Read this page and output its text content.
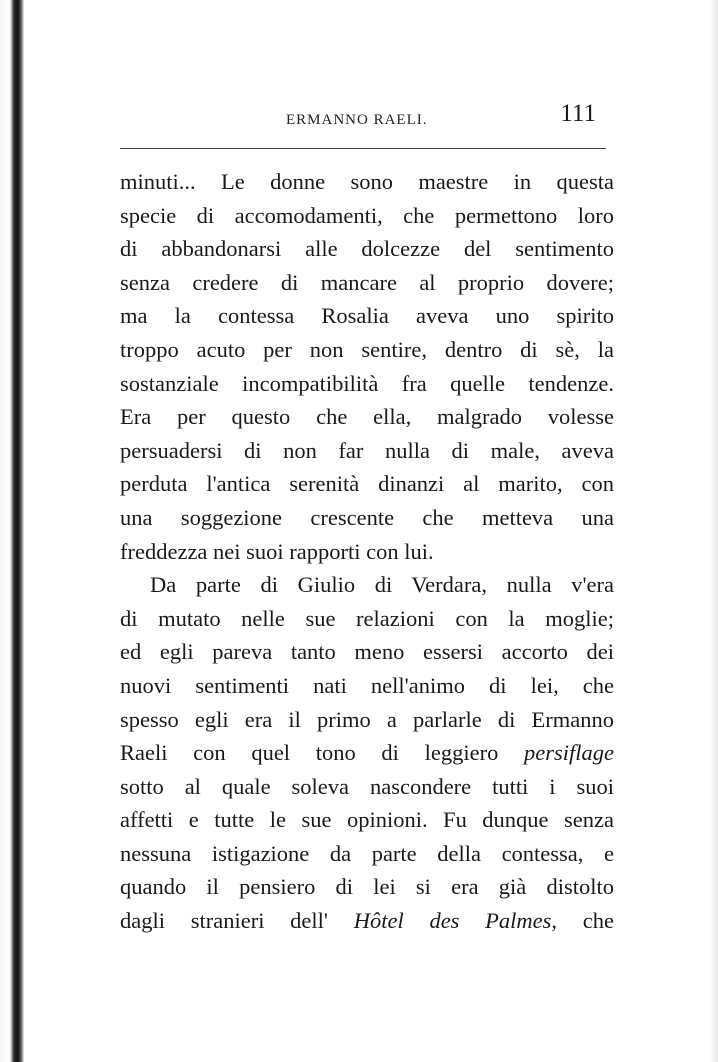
ERMANNO RAELI.	111
minuti... Le donne sono maestre in questa
specie di accomodamenti, che permettono loro
di abbandonarsi alle dolcezze del sentimento
senza credere di mancare al proprio dovere;
ma la contessa Rosalia aveva uno spirito
troppo acuto per non sentire, dentro di sè, la
sostanziale incompatibilità fra quelle tendenze.
Era per questo che ella, malgrado volesse
persuadersi di non far nulla di male, aveva
perduta l'antica serenità dinanzi al marito, con
una soggezione crescente che metteva una
freddezza nei suoi rapporti con lui.
Da parte di Giulio di Verdara, nulla v'era
di mutato nelle sue relazioni con la moglie;
ed egli pareva tanto meno essersi accorto dei
nuovi sentimenti nati nell'animo di lei, che
spesso egli era il primo a parlarle di Ermanno
Raeli con quel tono di leggiero persiflage
sotto al quale soleva nascondere tutti i suoi
affetti e tutte le sue opinioni. Fu dunque senza
nessuna istigazione da parte della contessa, e
quando il pensiero di lei si era già distolto
dagli stranieri dell' Hôtel des Palmes, che
